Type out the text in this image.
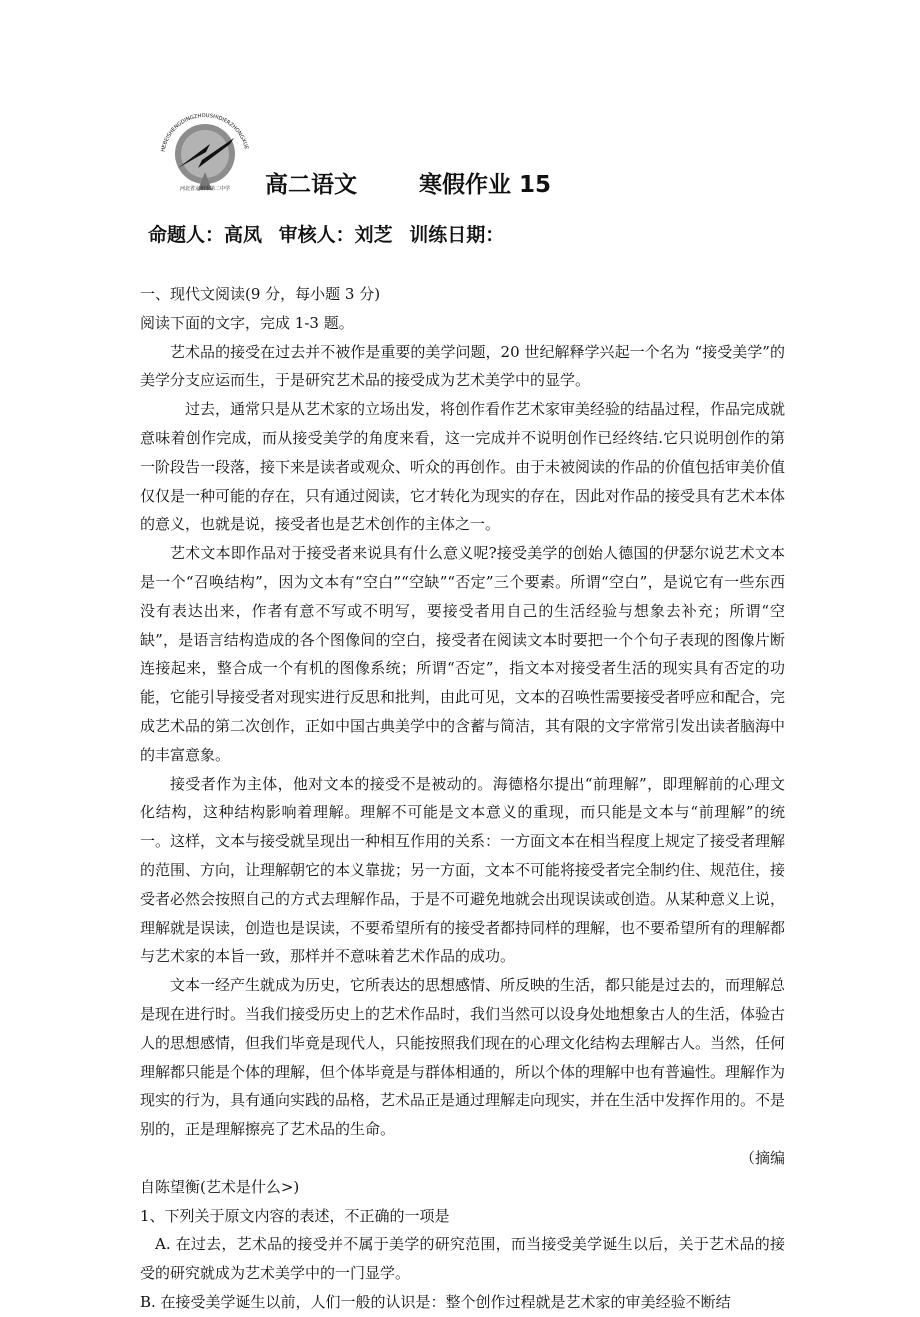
HEBEISHENGDINGZHOUSHIDIERZHONGXUE
河北省定州市第二中学 高二语文	寒假作业 15
命题人：高凤 审核人：刘芝 训练日期：

一、现代文阅读(9 分，每小题 3 分)

阅读下面的文字，完成 1-3 题。

艺术品的接受在过去并不被作是重要的美学问题，20 世纪解释学兴起一个名为 “接受美学”的美学分支应运而生，于是研究艺术品的接受成为艺术美学中的显学。

过去，通常只是从艺术家的立场出发，将创作看作艺术家审美经验的结晶过程，作品完成就意味着创作完成，而从接受美学的角度来看，这一完成并不说明创作已经终结.它只说明创作的第一阶段告一段落，接下来是读者或观众、听众的再创作。由于未被阅读的作品的价值包括审美价值仅仅是一种可能的存在，只有通过阅读，它才转化为现实的存在，因此对作品的接受具有艺术本体的意义，也就是说，接受者也是艺术创作的主体之一。

艺术文本即作品对于接受者来说具有什么意义呢?接受美学的创始人德国的伊瑟尔说艺术文本是一个“召唤结构”，因为文本有“空白”“空缺”“否定”三个要素。所谓“空白”，是说它有一些东西没有表达出来，作者有意不写或不明写，要接受者用自己的生活经验与想象去补充；所谓“空缺”，是语言结构造成的各个图像间的空白，接受者在阅读文本时要把一个个句子表现的图像片断连接起来，整合成一个有机的图像系统；所谓“否定”，指文本对接受者生活的现实具有否定的功能，它能引导接受者对现实进行反思和批判，由此可见，文本的召唤性需要接受者呼应和配合，完成艺术品的第二次创作，正如中国古典美学中的含蓄与简洁，其有限的文字常常引发出读者脑海中的丰富意象。

接受者作为主体，他对文本的接受不是被动的。海德格尔提出“前理解”，即理解前的心理文化结构，这种结构影响着理解。理解不可能是文本意义的重现，而只能是文本与“前理解”的统一。这样，文本与接受就呈现出一种相互作用的关系：一方面文本在相当程度上规定了接受者理解的范围、方向，让理解朝它的本义靠拢；另一方面，文本不可能将接受者完全制约住、规范住，接受者必然会按照自己的方式去理解作品，于是不可避免地就会出现误读或创造。从某种意义上说，理解就是误读，创造也是误读，不要希望所有的接受者都持同样的理解，也不要希望所有的理解都与艺术家的本旨一致，那样并不意味着艺术作品的成功。

文本一经产生就成为历史，它所表达的思想感情、所反映的生活，都只能是过去的，而理解总是现在进行时。当我们接受历史上的艺术作品时，我们当然可以设身处地想象古人的生活，体验古人的思想感情，但我们毕竟是现代人，只能按照我们现在的心理文化结构去理解古人。当然，任何理解都只能是个体的理解，但个体毕竟是与群体相通的，所以个体的理解中也有普遍性。理解作为现实的行为，具有通向实践的品格，艺术品正是通过理解走向现实，并在生活中发挥作用的。不是别的，正是理解擦亮了艺术品的生命。

（摘编

自陈望衡(艺术是什么>)

1、下列关于原文内容的表述，不正确的一项是

A. 在过去，艺术品的接受并不属于美学的研究范围，而当接受美学诞生以后，关于艺术品的接受的研究就成为艺术美学中的一门显学。

B. 在接受美学诞生以前，人们一般的认识是：整个创作过程就是艺术家的审美经验不断结
